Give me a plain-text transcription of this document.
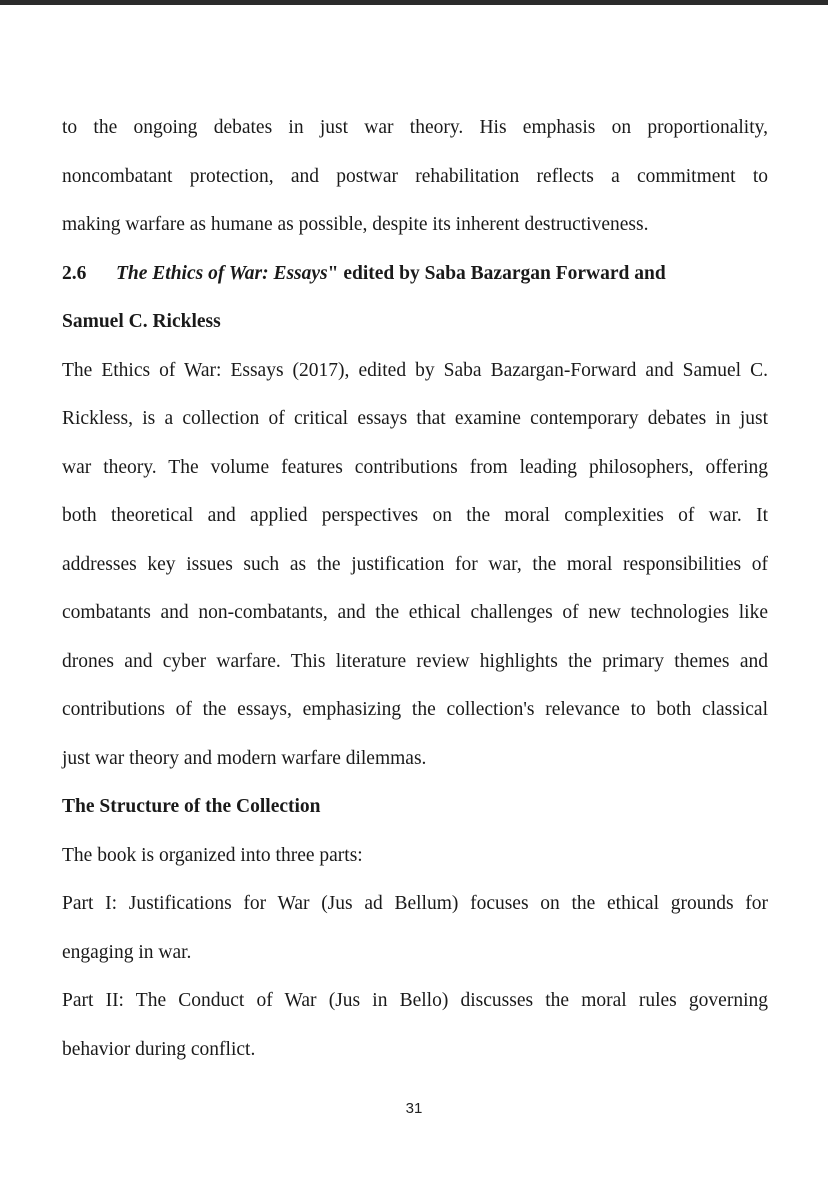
to the ongoing debates in just war theory. His emphasis on proportionality,
noncombatant protection, and postwar rehabilitation reflects a commitment to
making warfare as humane as possible, despite its inherent destructiveness.
2.6 The Ethics of War: Essays" edited by Saba Bazargan Forward and
Samuel C. Rickless
The Ethics of War: Essays (2017), edited by Saba Bazargan-Forward and Samuel C.
Rickless, is a collection of critical essays that examine contemporary debates in just
war theory. The volume features contributions from leading philosophers, offering
both theoretical and applied perspectives on the moral complexities of war. It
addresses key issues such as the justification for war, the moral responsibilities of
combatants and non-combatants, and the ethical challenges of new technologies like
drones and cyber warfare. This literature review highlights the primary themes and
contributions of the essays, emphasizing the collection's relevance to both classical
just war theory and modern warfare dilemmas.
The Structure of the Collection
The book is organized into three parts:
Part I: Justifications for War (Jus ad Bellum) focuses on the ethical grounds for
engaging in war.
Part II: The Conduct of War (Jus in Bello) discusses the moral rules governing
behavior during conflict.
31
